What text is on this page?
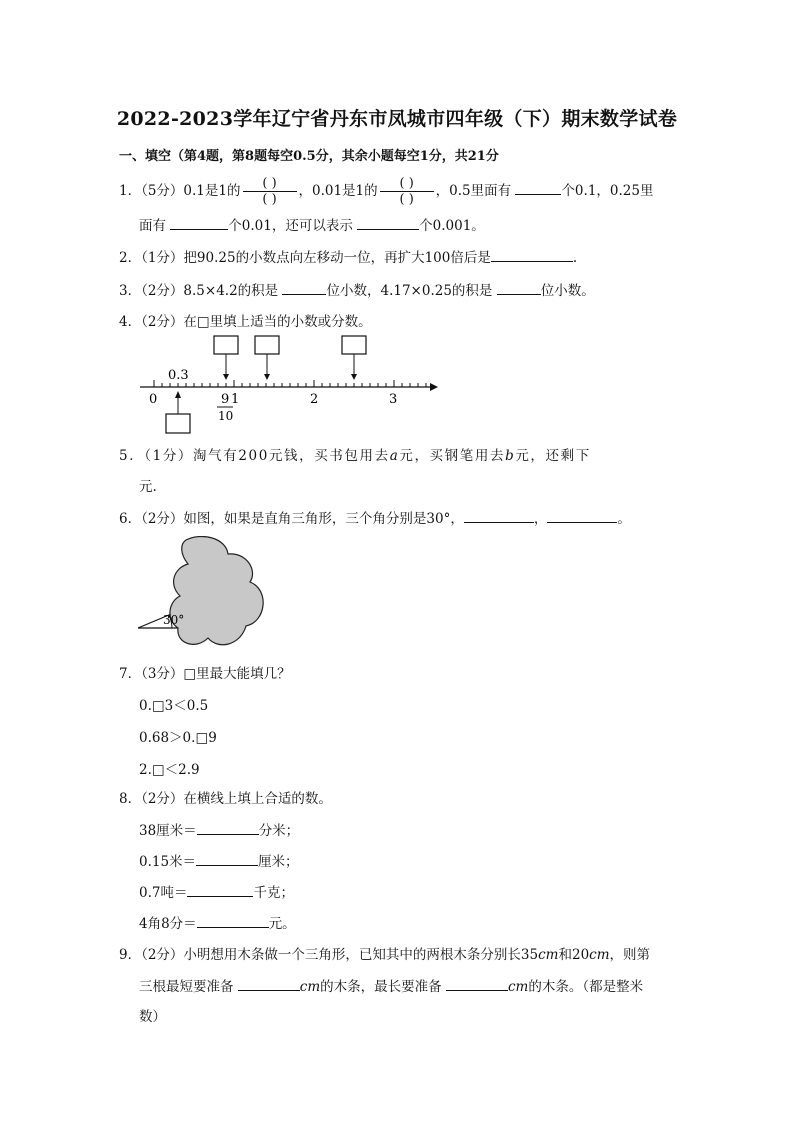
2022-2023学年辽宁省丹东市凤城市四年级（下）期末数学试卷
一、填空（第4题，第8题每空0.5分，其余小题每空1分，共21分
1．（5分）0.1是1的 $\frac{( )}{( )}$ ，0.01是1的 $\frac{( )}{( )}$ ，0.5里面有	个0.1，0.25里
面有	个0.01，还可以表示	个0.001。
2．（1分）把90.25的小数点向左移动一位，再扩大100倍后是	.
3．（2分）8.5×4.2的积是	位小数，4.17×0.25的积是	位小数。
4．（2分）在□里填上适当的小数或分数。
0.3
0	1	2	3
9
10
5．（1分）淘气有200元钱，买书包用去a元，买钢笔用去b元，还剩下
元.
6．（2分）如图，如果是直角三角形，三个角分别是30°，	，	。
30°
7．（3分）□里最大能填几？
0.□3＜0.5
0.68＞0.□9
2.□＜2.9
8．（2分）在横线上填上合适的数。
38厘米＝	分米；
0.15米＝	厘米；
0.7吨＝	千克；
4角8分＝	元。
9．（2分）小明想用木条做一个三角形，已知其中的两根木条分别长35cm和20cm，则第
三根最短要准备	cm的木条，最长要准备	cm的木条。（都是整米
数）
